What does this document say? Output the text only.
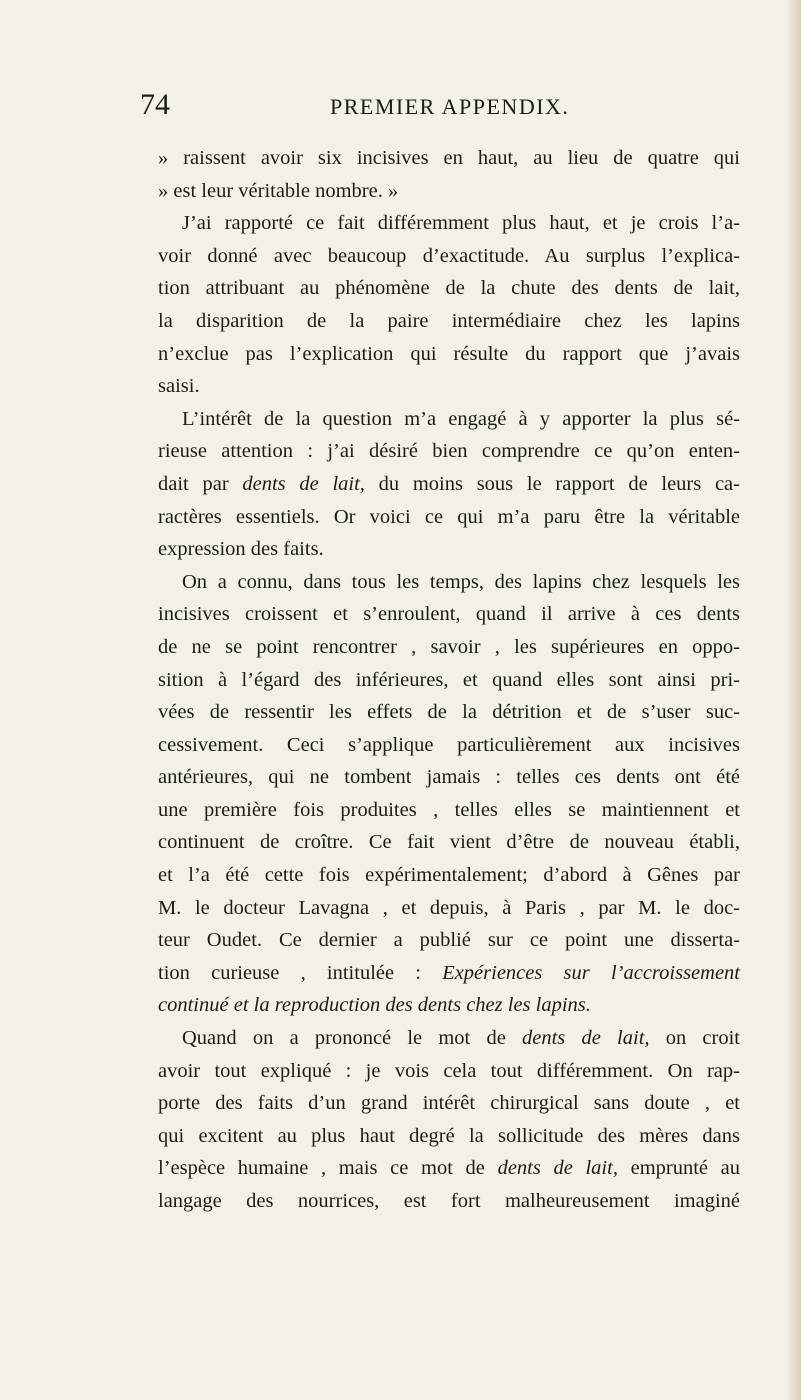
74	PREMIER APPENDIX.
» raissent avoir six incisives en haut, au lieu de quatre qui
» est leur véritable nombre. »
J’ai rapporté ce fait différemment plus haut, et je crois l’a-
voir donné avec beaucoup d’exactitude. Au surplus l’explica-
tion attribuant au phénomène de la chute des dents de lait,
la disparition de la paire intermédiaire chez les lapins
n’exclue pas l’explication qui résulte du rapport que j’avais
saisi.
L’intérêt de la question m’a engagé à y apporter la plus sé-
rieuse attention : j’ai désiré bien comprendre ce qu’on enten-
dait par dents de lait, du moins sous le rapport de leurs ca-
ractères essentiels. Or voici ce qui m’a paru être la véritable
expression des faits.
On a connu, dans tous les temps, des lapins chez lesquels les
incisives croissent et s’enroulent, quand il arrive à ces dents
de ne se point rencontrer , savoir , les supérieures en oppo-
sition à l’égard des inférieures, et quand elles sont ainsi pri-
vées de ressentir les effets de la détrition et de s’user suc-
cessivement. Ceci s’applique particulièrement aux incisives
antérieures, qui ne tombent jamais : telles ces dents ont été
une première fois produites , telles elles se maintiennent et
continuent de croître. Ce fait vient d’être de nouveau établi,
et l’a été cette fois expérimentalement; d’abord à Gênes par
M. le docteur Lavagna , et depuis, à Paris , par M. le doc-
teur Oudet. Ce dernier a publié sur ce point une disserta-
tion curieuse , intitulée : Expériences sur l’accroissement
continué et la reproduction des dents chez les lapins.
Quand on a prononcé le mot de dents de lait, on croit
avoir tout expliqué : je vois cela tout différemment. On rap-
porte des faits d’un grand intérêt chirurgical sans doute , et
qui excitent au plus haut degré la sollicitude des mères dans
l’espèce humaine , mais ce mot de dents de lait, emprunté au
langage des nourrices, est fort malheureusement imaginé
